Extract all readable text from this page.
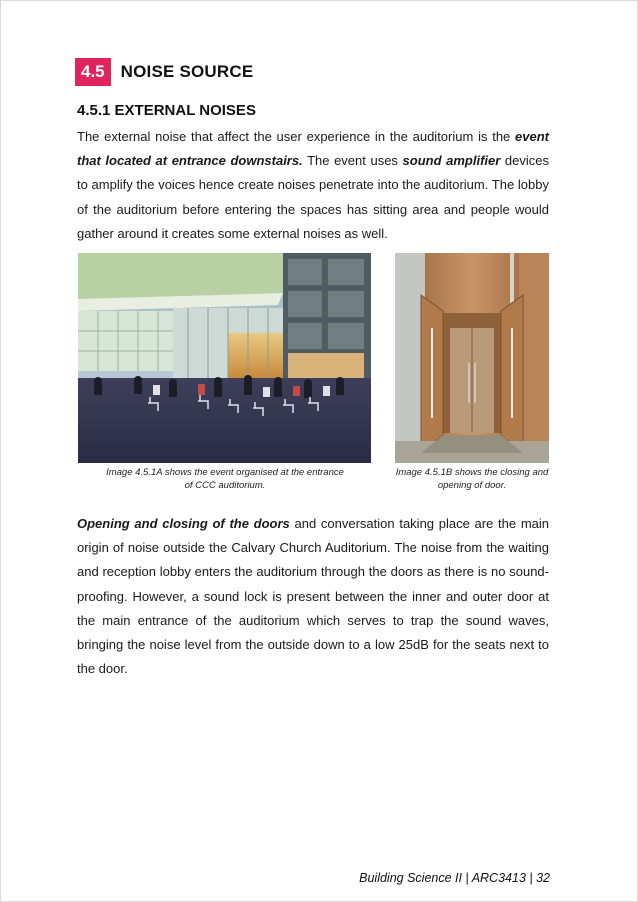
4.5 NOISE SOURCE
4.5.1 EXTERNAL NOISES
The external noise that affect the user experience in the auditorium is the event that located at entrance downstairs. The event uses sound amplifier devices to amplify the voices hence create noises penetrate into the auditorium. The lobby of the auditorium before entering the spaces has sitting area and people would gather around it creates some external noises as well.
Image 4.5.1A shows the event organised at the entrance of CCC auditorium.
Image 4.5.1B shows the closing and opening of door.
Opening and closing of the doors and conversation taking place are the main origin of noise outside the Calvary Church Auditorium. The noise from the waiting and reception lobby enters the auditorium through the doors as there is no sound-proofing. However, a sound lock is present between the inner and outer door at the main entrance of the auditorium which serves to trap the sound waves, bringing the noise level from the outside down to a low 25dB for the seats next to the door.
Building Science II | ARC3413 | 32
